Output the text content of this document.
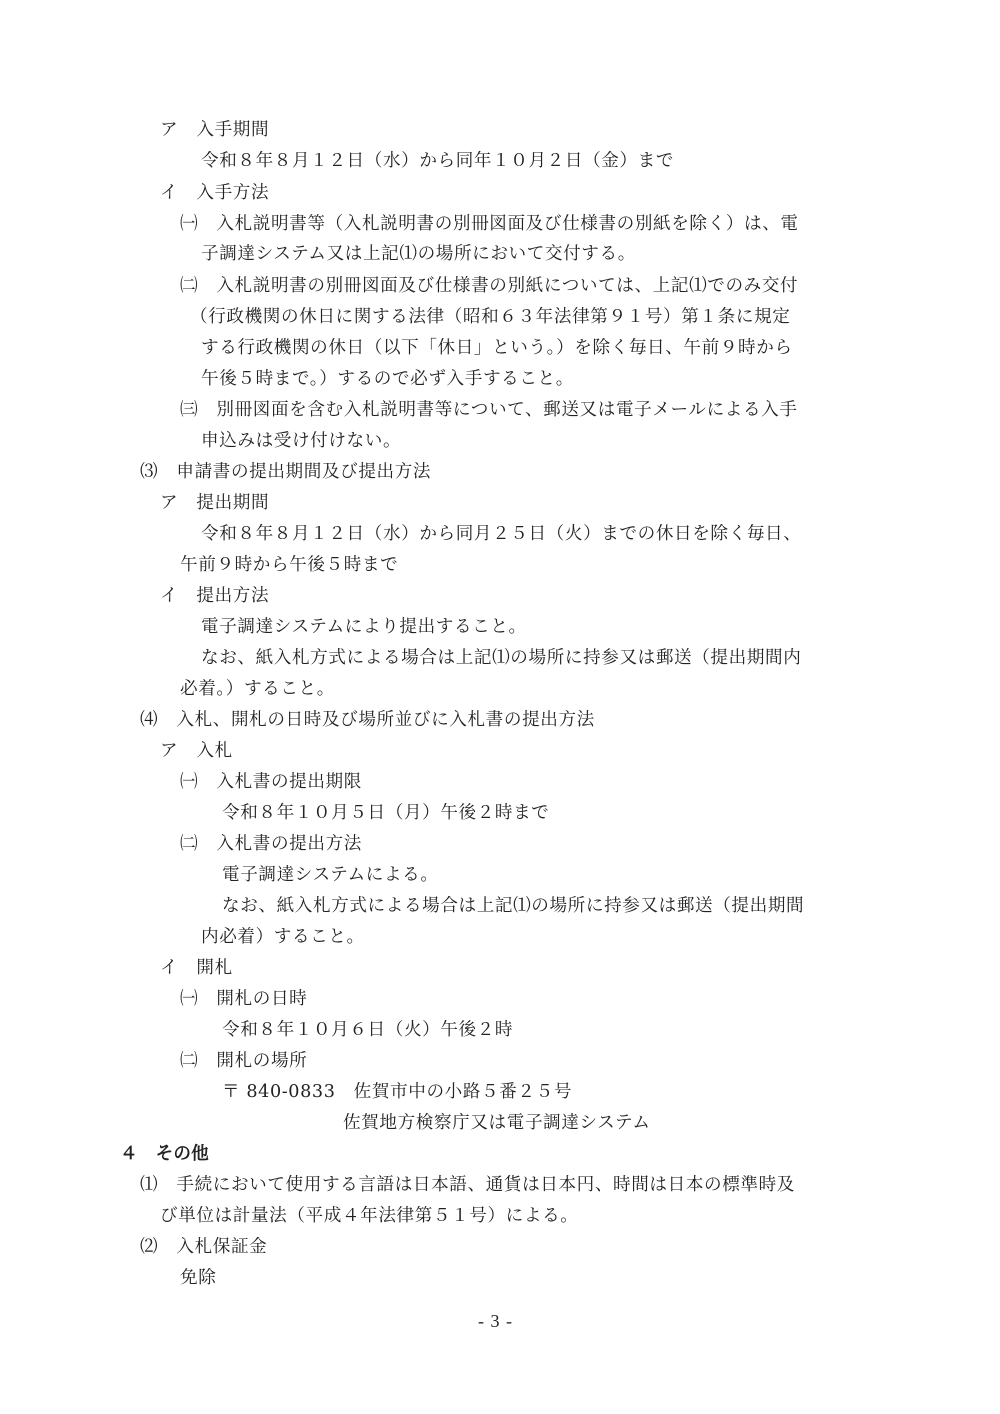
ア　入手期間

令和８年８月１２日（水）から同年１０月２日（金）まで

イ　入手方法

㈠　入札説明書等（入札説明書の別冊図面及び仕様書の別紙を除く）は、電

子調達システム又は上記⑴の場所において交付する。

㈡　入札説明書の別冊図面及び仕様書の別紙については、上記⑴でのみ交付

（行政機関の休日に関する法律（昭和６３年法律第９１号）第１条に規定

する行政機関の休日（以下「休日」という。）を除く毎日、午前９時から

午後５時まで。）するので必ず入手すること。

㈢　別冊図面を含む入札説明書等について、郵送又は電子メールによる入手

申込みは受け付けない。

⑶　申請書の提出期間及び提出方法

ア　提出期間

令和８年８月１２日（水）から同月２５日（火）までの休日を除く毎日、

午前９時から午後５時まで

イ　提出方法

電子調達システムにより提出すること。

なお、紙入札方式による場合は上記⑴の場所に持参又は郵送（提出期間内

必着。）すること。

⑷　入札、開札の日時及び場所並びに入札書の提出方法

ア　入札

㈠　入札書の提出期限

令和８年１０月５日（月）午後２時まで

㈡　入札書の提出方法

電子調達システムによる。

なお、紙入札方式による場合は上記⑴の場所に持参又は郵送（提出期間

内必着）すること。

イ　開札

㈠　開札の日時

令和８年１０月６日（火）午後２時

㈡　開札の場所

〒 840-0833　佐賀市中の小路５番２５号

佐賀地方検察庁又は電子調達システム

４　その他

⑴　手続において使用する言語は日本語、通貨は日本円、時間は日本の標準時及

び単位は計量法（平成４年法律第５１号）による。

⑵　入札保証金

免除

- 3 -
